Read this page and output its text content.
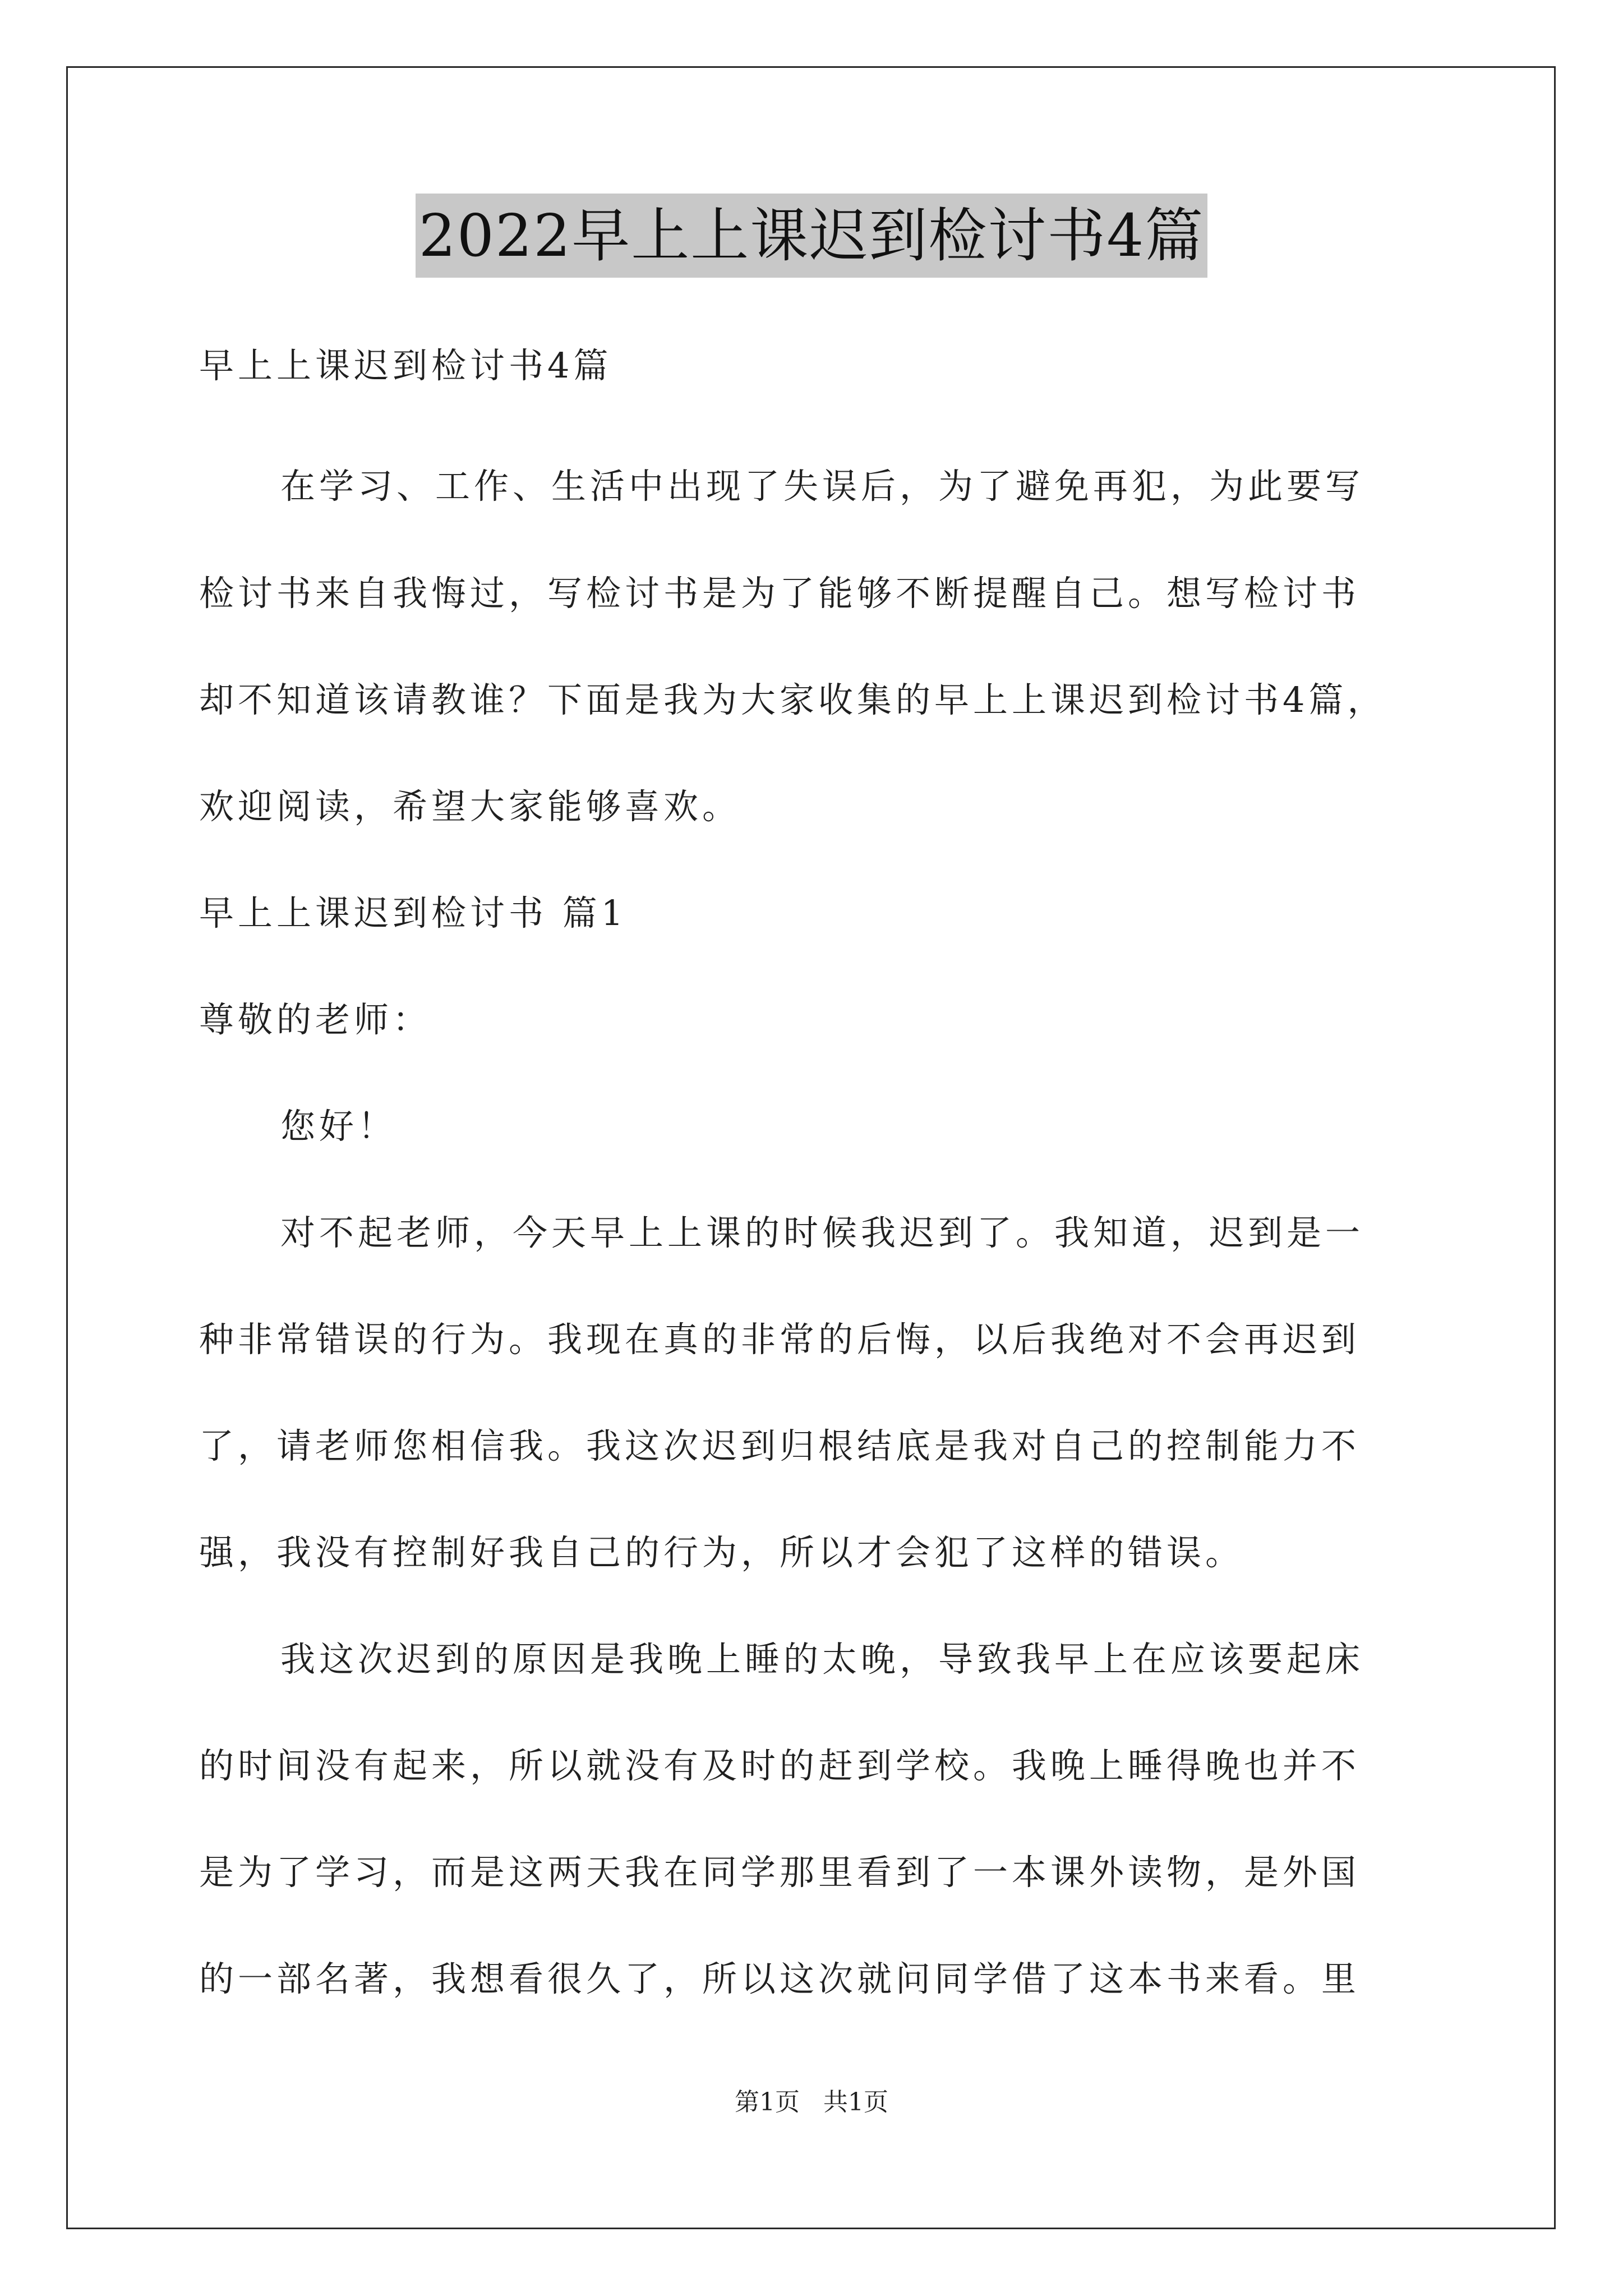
2022早上上课迟到检讨书4篇
早上上课迟到检讨书4篇
在学习、工作、生活中出现了失误后，为了避免再犯，为此要写
检讨书来自我悔过，写检讨书是为了能够不断提醒自己。想写检讨书
却不知道该请教谁？下面是我为大家收集的早上上课迟到检讨书4篇，
欢迎阅读，希望大家能够喜欢。
早上上课迟到检讨书 篇1
尊敬的老师：
您好！
对不起老师，今天早上上课的时候我迟到了。我知道，迟到是一
种非常错误的行为。我现在真的非常的后悔，以后我绝对不会再迟到
了，请老师您相信我。我这次迟到归根结底是我对自己的控制能力不
强，我没有控制好我自己的行为，所以才会犯了这样的错误。
我这次迟到的原因是我晚上睡的太晚，导致我早上在应该要起床
的时间没有起来，所以就没有及时的赶到学校。我晚上睡得晚也并不
是为了学习，而是这两天我在同学那里看到了一本课外读物，是外国
的一部名著，我想看很久了，所以这次就问同学借了这本书来看。里
第1页 共1页
